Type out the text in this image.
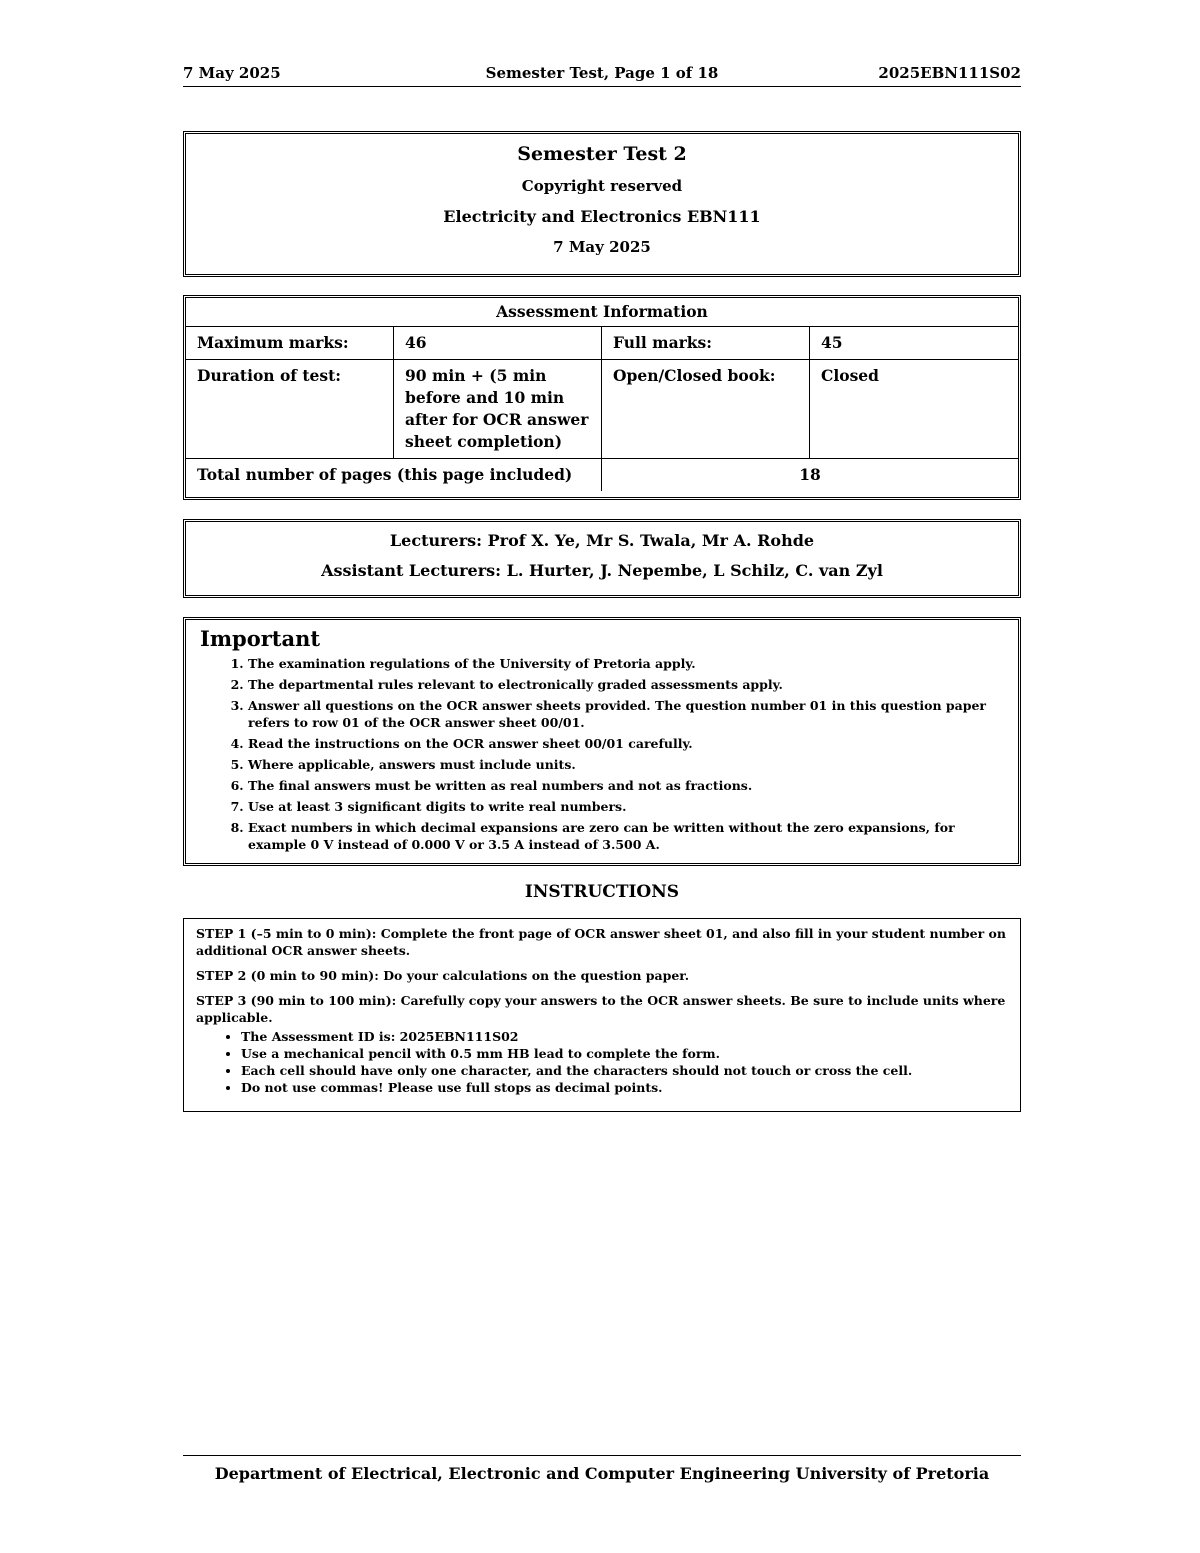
7 May 2025	Semester Test, Page 1 of 18	2025EBN111S02
Semester Test 2
Copyright reserved
Electricity and Electronics EBN111
7 May 2025
Assessment Information			
Maximum marks:	46	Full marks:	45
Duration of test:	90 min + (5 min before and 10 min after for OCR answer sheet completion)	Open/Closed book:	Closed
Total number of pages (this page included)		18	
Lecturers: Prof X. Ye, Mr S. Twala, Mr A. Rohde
Assistant Lecturers: L. Hurter, J. Nepembe, L Schilz, C. van Zyl
Important
1. The examination regulations of the University of Pretoria apply.
2. The departmental rules relevant to electronically graded assessments apply.
3. Answer all questions on the OCR answer sheets provided. The question number 01 in this question paper refers to row 01 of the OCR answer sheet 00/01.
4. Read the instructions on the OCR answer sheet 00/01 carefully.
5. Where applicable, answers must include units.
6. The final answers must be written as real numbers and not as fractions.
7. Use at least 3 significant digits to write real numbers.
8. Exact numbers in which decimal expansions are zero can be written without the zero expansions, for example 0 V instead of 0.000 V or 3.5 A instead of 3.500 A.
INSTRUCTIONS

STEP 1 (–5 min to 0 min): Complete the front page of OCR answer sheet 01, and also fill in your student number on additional OCR answer sheets.

STEP 2 (0 min to 90 min): Do your calculations on the question paper.

STEP 3 (90 min to 100 min): Carefully copy your answers to the OCR answer sheets. Be sure to include units where applicable.

• The Assessment ID is: 2025EBN111S02
• Use a mechanical pencil with 0.5 mm HB lead to complete the form.
• Each cell should have only one character, and the characters should not touch or cross the cell.
• Do not use commas! Please use full stops as decimal points.
Department of Electrical, Electronic and Computer Engineering University of Pretoria
